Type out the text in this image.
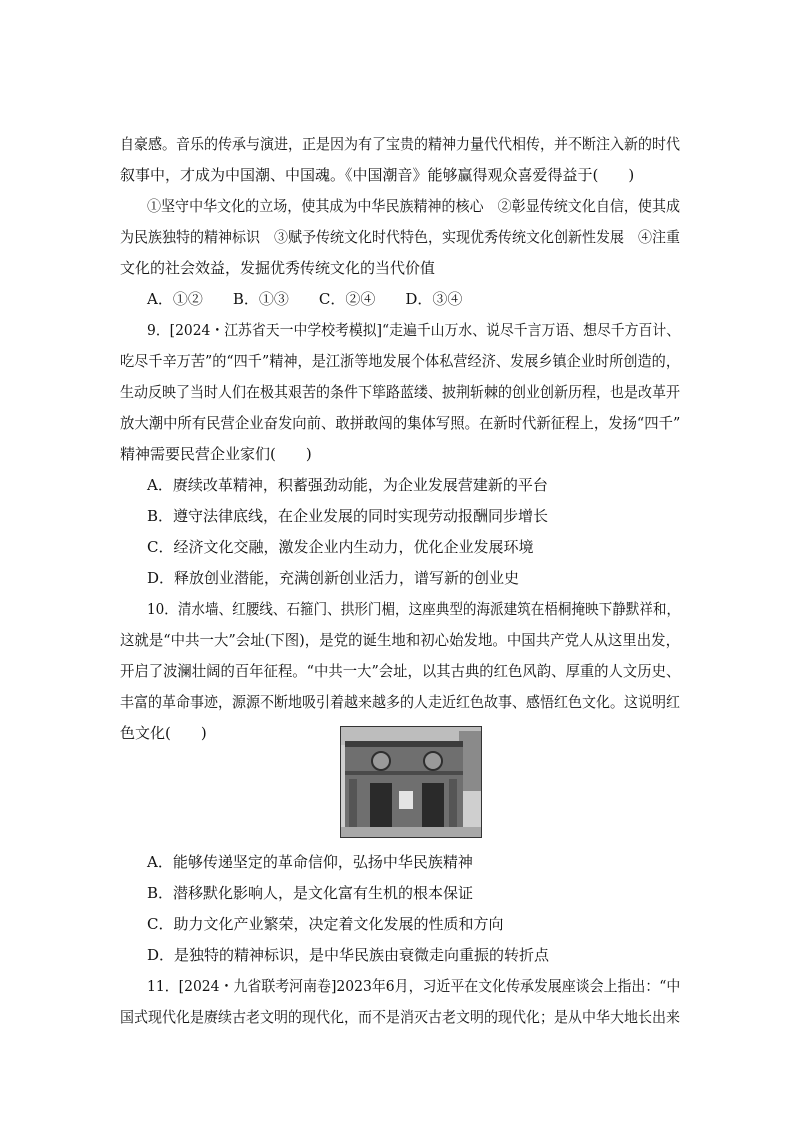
自豪感。音乐的传承与演进，正是因为有了宝贵的精神力量代代相传，并不断注入新的时代
叙事中，才成为中国潮、中国魂。《中国潮音》能够赢得观众喜爱得益于(　　)
①坚守中华文化的立场，使其成为中华民族精神的核心　②彰显传统文化自信，使其成
为民族独特的精神标识　③赋予传统文化时代特色，实现优秀传统文化创新性发展　④注重
文化的社会效益，发掘优秀传统文化的当代价值
A．①②　　B．①③　　C．②④　　D．③④
9．[2024・江苏省天一中学校考模拟]“走遍千山万水、说尽千言万语、想尽千方百计、
吃尽千辛万苦”的“四千”精神，是江浙等地发展个体私营经济、发展乡镇企业时所创造的，
生动反映了当时人们在极其艰苦的条件下筚路蓝缕、披荆斩棘的创业创新历程，也是改革开
放大潮中所有民营企业奋发向前、敢拼敢闯的集体写照。在新时代新征程上，发扬“四千”
精神需要民营企业家们(　　)
A．赓续改革精神，积蓄强劲动能，为企业发展营建新的平台
B．遵守法律底线，在企业发展的同时实现劳动报酬同步增长
C．经济文化交融，激发企业内生动力，优化企业发展环境
D．释放创业潜能，充满创新创业活力，谱写新的创业史
10．清水墙、红腰线、石箍门、拱形门楣，这座典型的海派建筑在梧桐掩映下静默祥和，
这就是“中共一大”会址(下图)，是党的诞生地和初心始发地。中国共产党人从这里出发，
开启了波澜壮阔的百年征程。“中共一大”会址，以其古典的红色风韵、厚重的人文历史、
丰富的革命事迹，源源不断地吸引着越来越多的人走近红色故事、感悟红色文化。这说明红
色文化(　　)
A．能够传递坚定的革命信仰，弘扬中华民族精神
B．潜移默化影响人，是文化富有生机的根本保证
C．助力文化产业繁荣，决定着文化发展的性质和方向
D．是独特的精神标识，是中华民族由衰微走向重振的转折点
11．[2024・九省联考河南卷]2023年6月，习近平在文化传承发展座谈会上指出：“中
国式现代化是赓续古老文明的现代化，而不是消灭古老文明的现代化；是从中华大地长出来
